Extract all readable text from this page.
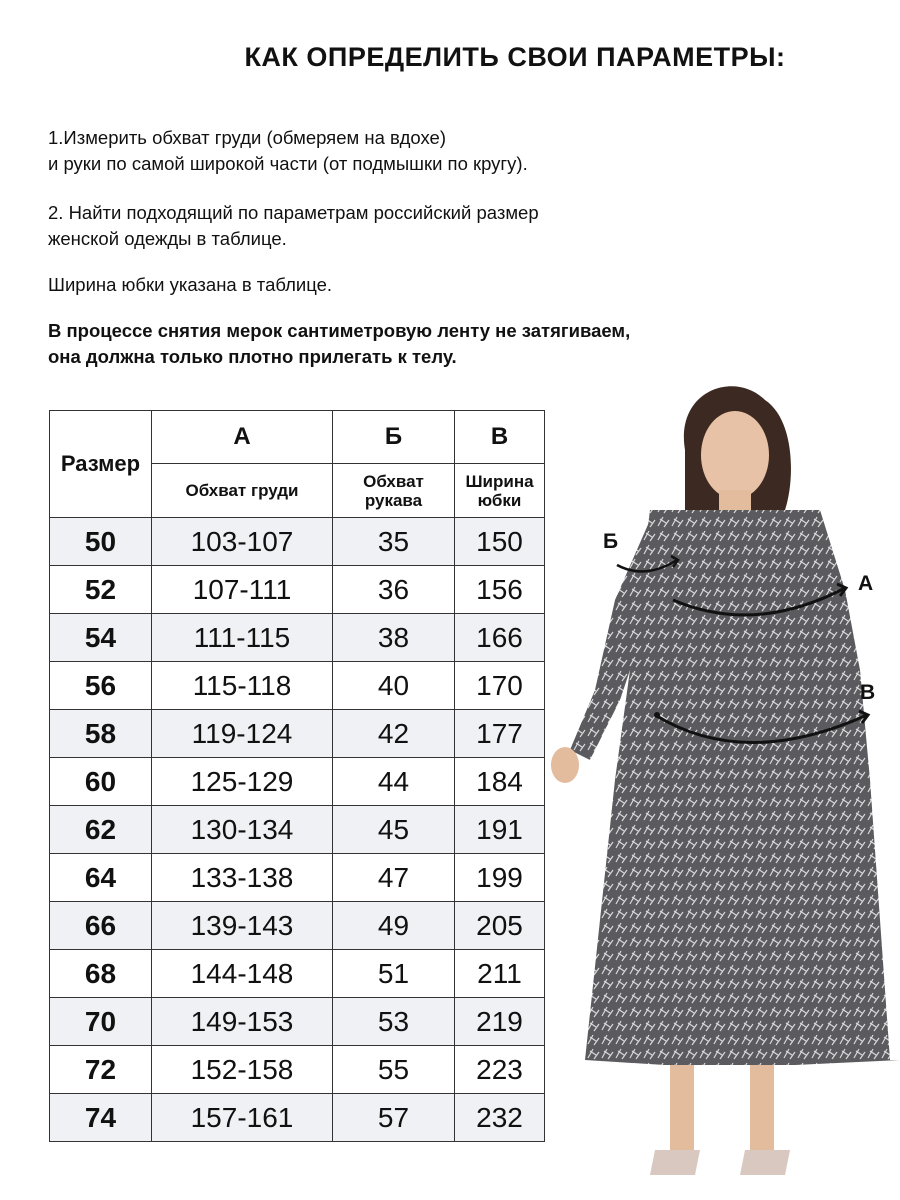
КАК ОПРЕДЕЛИТЬ СВОИ ПАРАМЕТРЫ:
1.Измерить обхват груди (обмеряем на вдохе)
и руки по самой широкой части (от подмышки по кругу).
2. Найти подходящий по параметрам российский размер
женской одежды в таблице.
Ширина юбки указана в таблице.
В процессе снятия мерок сантиметровую ленту не затягиваем,
она должна только плотно прилегать к телу.
Размер	А	Б	В
	Обхват груди	Обхват рукава	Ширина юбки
50	103-107	35	150
52	107-111	36	156
54	111-115	38	166
56	115-118	40	170
58	119-124	42	177
60	125-129	44	184
62	130-134	45	191
64	133-138	47	199
66	139-143	49	205
68	144-148	51	211
70	149-153	53	219
72	152-158	55	223
74	157-161	57	232
Б
А
В
